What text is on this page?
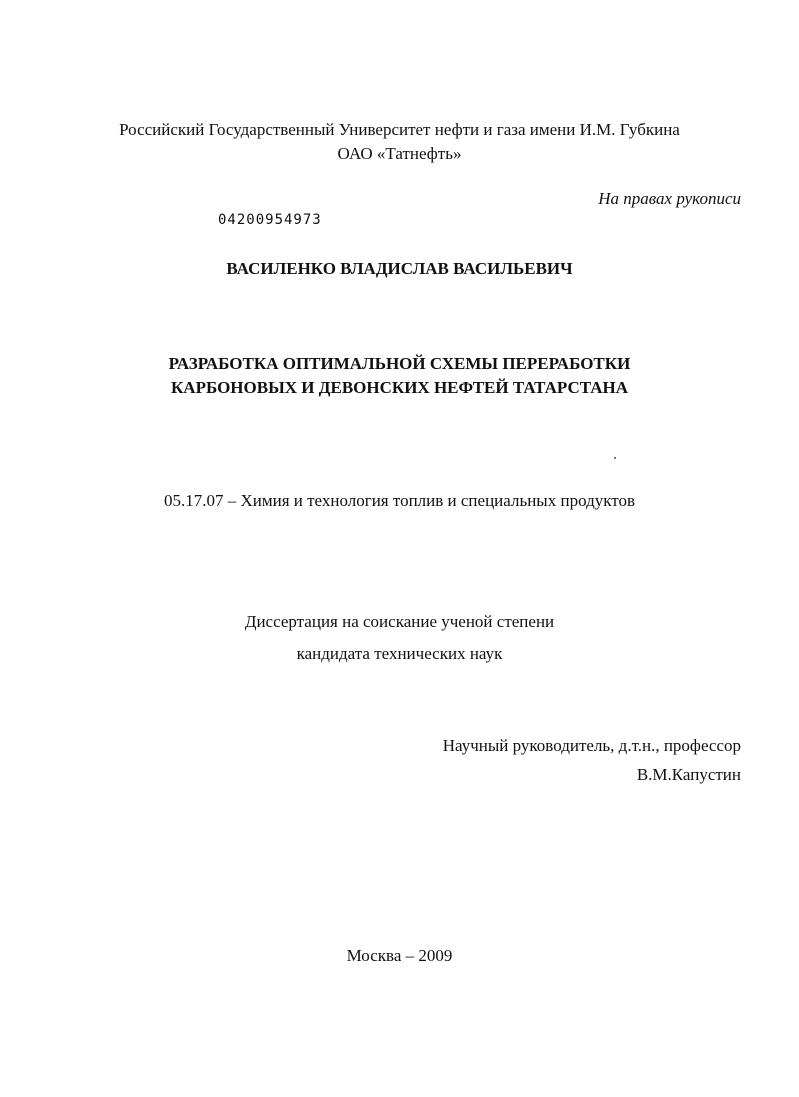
Российский Государственный Университет нефти и газа имени И.М. Губкина
ОАО «Татнефть»
На правах рукописи
04200954973
ВАСИЛЕНКО ВЛАДИСЛАВ ВАСИЛЬЕВИЧ
РАЗРАБОТКА ОПТИМАЛЬНОЙ СХЕМЫ ПЕРЕРАБОТКИ
КАРБОНОВЫХ И ДЕВОНСКИХ НЕФТЕЙ ТАТАРСТАНА
05.17.07 – Химия и технология топлив и специальных продуктов
Диссертация на соискание ученой степени
кандидата технических наук
Научный руководитель, д.т.н., профессор
В.М.Капустин
Москва – 2009
